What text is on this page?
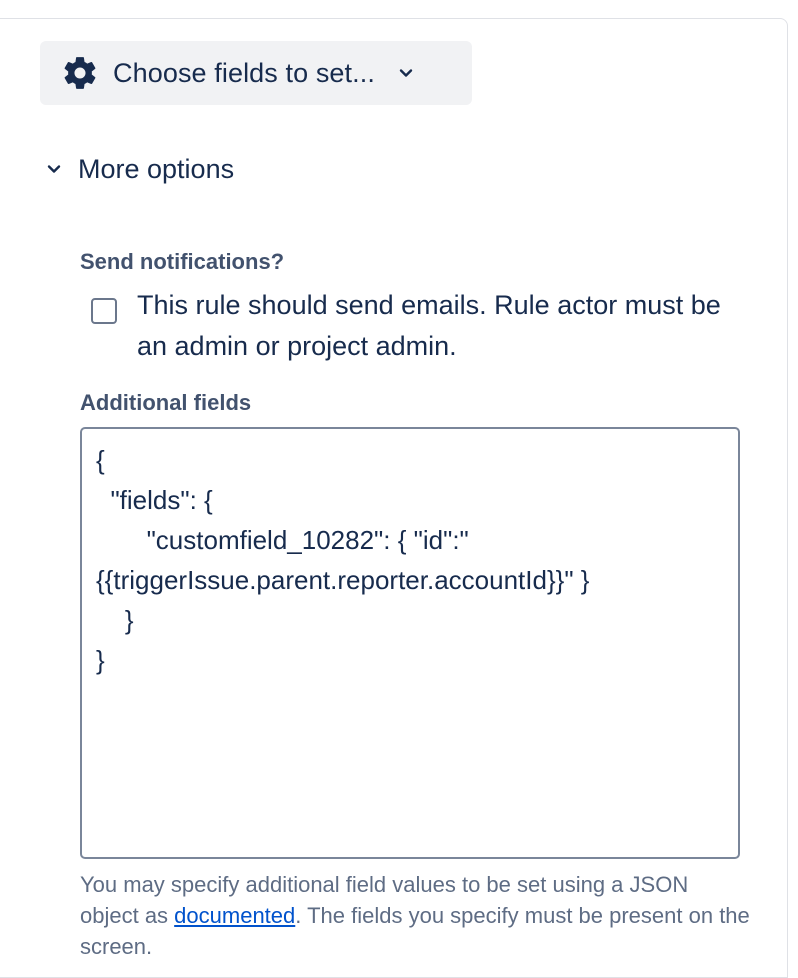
Choose fields to set...
More options
Send notifications?
This rule should send emails. Rule actor must be an admin or project admin.
Additional fields
{
"fields": {
"customfield_10282": { "id":"
{{triggerIssue.parent.reporter.accountId}}" }
}
}
You may specify additional field values to be set using a JSON object as documented. The fields you specify must be present on the screen.
